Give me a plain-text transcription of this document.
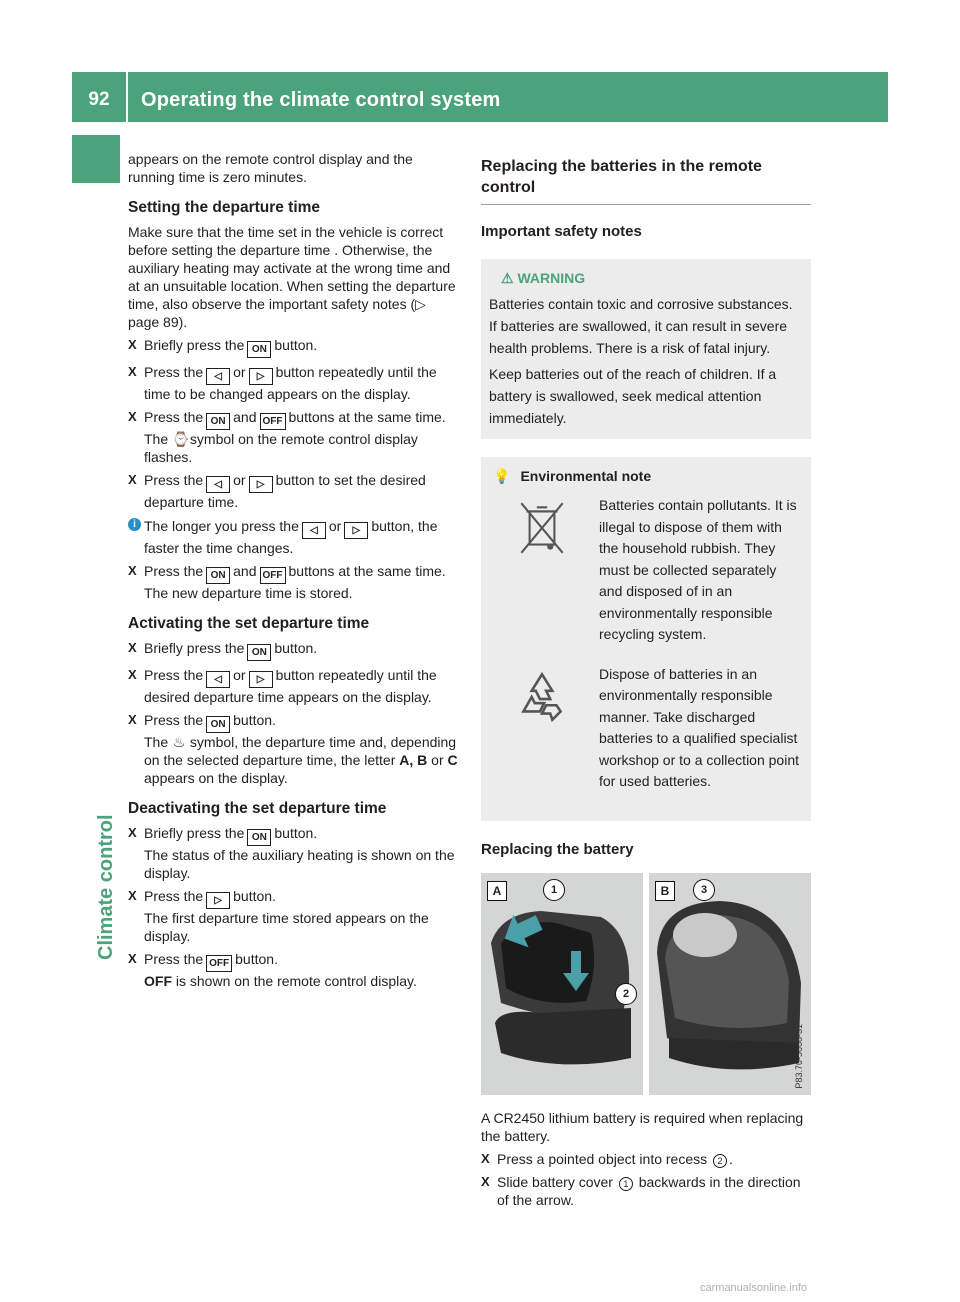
92	Operating the climate control system
Climate control

appears on the remote control display and the running time is zero minutes.

Setting the departure time

Make sure that the time set in the vehicle is correct before setting the departure time . Otherwise, the auxiliary heating may activate at the wrong time and at an unsuitable location. When setting the departure time, also observe the important safety notes (▷ page 89).

X Briefly press the ON button.
X Press the ◁ or ▷ button repeatedly until the time to be changed appears on the display.
X Press the ON and OFF buttons at the same time.
The ⌚ symbol on the remote control display flashes.
X Press the ◁ or ▷ button to set the desired departure time.
i The longer you press the ◁ or ▷ button, the faster the time changes.
X Press the ON and OFF buttons at the same time.
The new departure time is stored.
Activating the set departure time
X Briefly press the ON button.
X Press the ◁ or ▷ button repeatedly until the desired departure time appears on the display.
X Press the ON button.
The ♨ symbol, the departure time and, depending on the selected departure time, the letter A, B or C appears on the display.
Deactivating the set departure time
X Briefly press the ON button.
The status of the auxiliary heating is shown on the display.
X Press the ▷ button.
The first departure time stored appears on the display.
X Press the OFF button.
OFF is shown on the remote control display.
Replacing the batteries in the remote control
Important safety notes
⚠ WARNING

Batteries contain toxic and corrosive substances. If batteries are swallowed, it can result in severe health problems. There is a risk of fatal injury.

Keep batteries out of the reach of children. If a battery is swallowed, seek medical attention immediately.

💡 Environmental note
Batteries contain pollutants. It is illegal to dispose of them with the household rubbish. They must be collected separately and disposed of in an environmentally responsible recycling system.
Dispose of batteries in an environmentally responsible manner. Take discharged batteries to a qualified specialist workshop or to a collection point for used batteries.
Replacing the battery
A	1
2
B	3
P83.70-5668-31

A CR2450 lithium battery is required when replacing the battery.

X Press a pointed object into recess 2 .
X Slide battery cover 1 backwards in the direction of the arrow.
carmanualsonline.info
